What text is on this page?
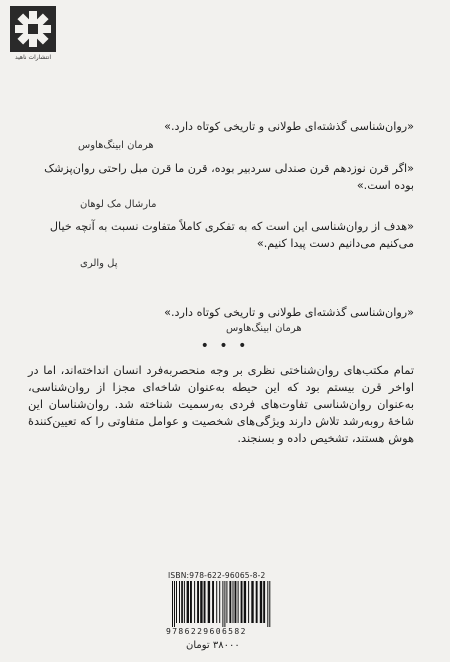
انتشارات ناهید
«روان‌شناسی گذشته‌ای طولانی و تاریخی کوتاه دارد.»
هرمان ابینگ‌هاوس
«اگر قرن نوزدهم قرن صندلی سردبیر بوده، قرن ما قرن مبل راحتی روان‌پزشک بوده است.»
مارشال مک لوهان
«هدف از روان‌شناسی این است که به تفکری کاملاً متفاوت نسبت به آنچه خیال می‌کنیم می‌دانیم دست پیدا کنیم.»
پل والری
«روان‌شناسی گذشته‌ای طولانی و تاریخی کوتاه دارد.»
هرمان ابینگ‌هاوس
• • •
تمام مکتب‌های روان‌شناختی نظری بر وجه منحصربه‌فرد انسان انداخته‌اند، اما در اواخر قرن بیستم بود که این حیطه به‌عنوان شاخه‌ای مجزا از روان‌شناسی، به‌عنوان روان‌شناسی تفاوت‌های فردی به‌رسمیت شناخته شد. روان‌شناسان این شاخهٔ رو‌به‌رشد تلاش دارند ویژگی‌های شخصیت و عوامل متفاوتی را که تعیین‌کنندهٔ هوش هستند، تشخیص داده و بسنجند.
ISBN:978-622-96065-8-2
9786229606582
۳۸۰۰۰ تومان
